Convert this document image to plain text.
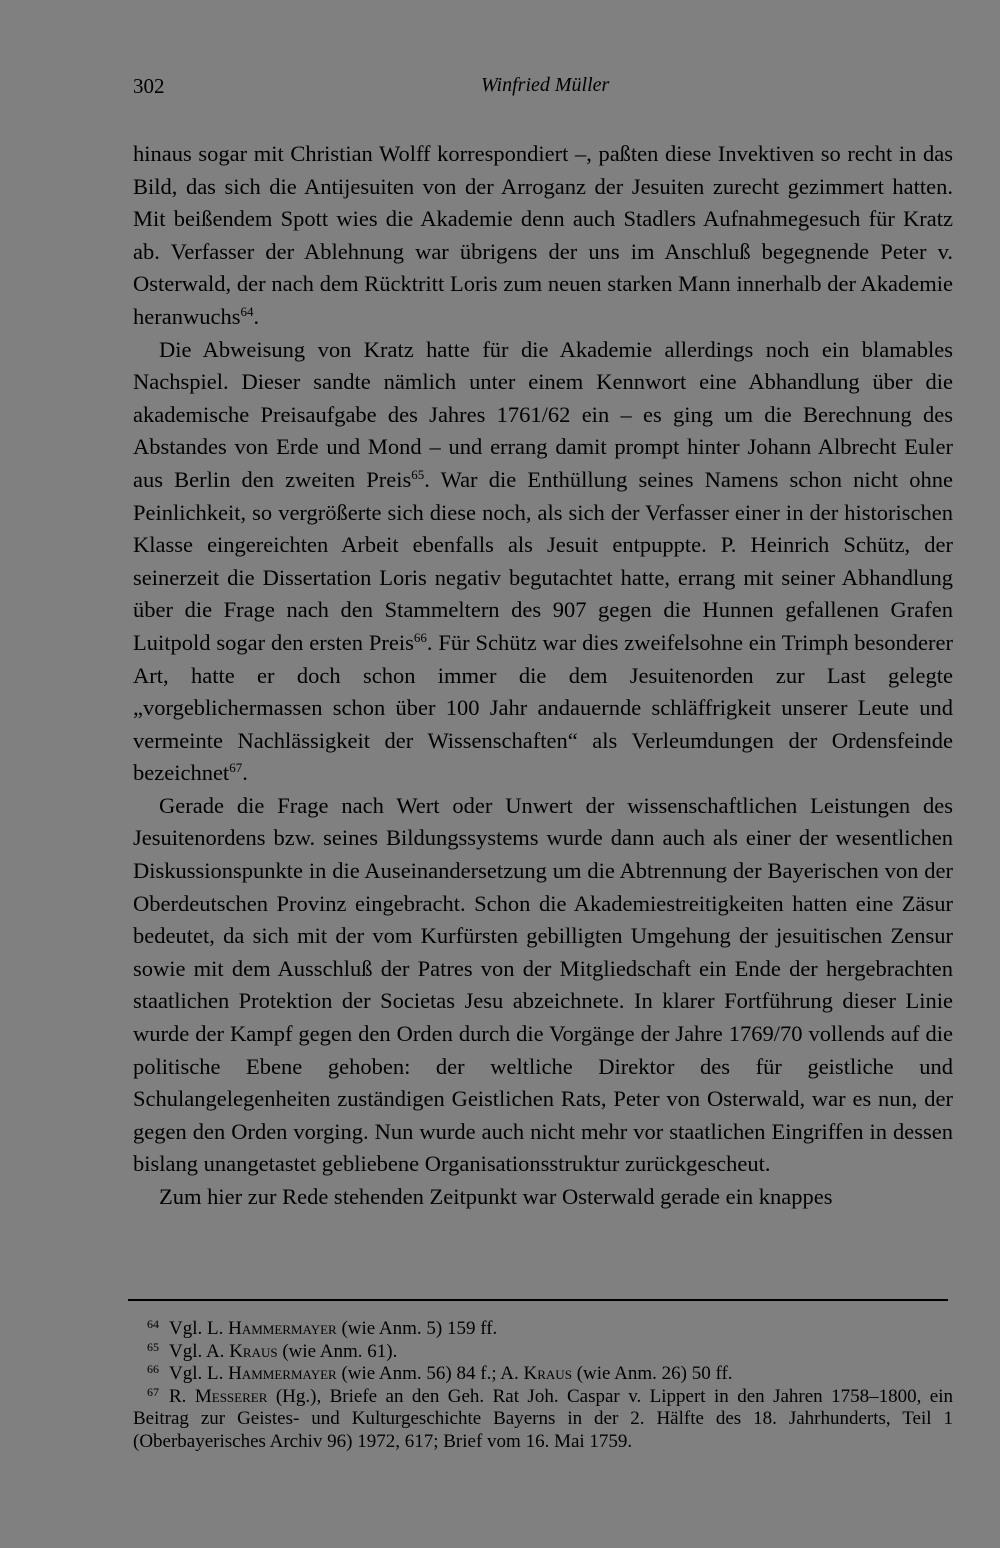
302	Winfried Müller

hinaus sogar mit Christian Wolff korrespondiert –, paßten diese Invektiven so recht in das Bild, das sich die Antijesuiten von der Arroganz der Jesuiten zurecht gezimmert hatten. Mit beißendem Spott wies die Akademie denn auch Stadlers Aufnahmegesuch für Kratz ab. Verfasser der Ablehnung war übrigens der uns im Anschluß begegnende Peter v. Osterwald, der nach dem Rücktritt Loris zum neuen starken Mann innerhalb der Akademie heranwuchs$^{64}$.

Die Abweisung von Kratz hatte für die Akademie allerdings noch ein blamables Nachspiel. Dieser sandte nämlich unter einem Kennwort eine Abhandlung über die akademische Preisaufgabe des Jahres 1761/62 ein – es ging um die Berechnung des Abstandes von Erde und Mond – und errang damit prompt hinter Johann Albrecht Euler aus Berlin den zweiten Preis$^{65}$. War die Enthüllung seines Namens schon nicht ohne Peinlichkeit, so vergrößerte sich diese noch, als sich der Verfasser einer in der historischen Klasse eingereichten Arbeit ebenfalls als Jesuit entpuppte. P. Heinrich Schütz, der seinerzeit die Dissertation Loris negativ begutachtet hatte, errang mit seiner Abhandlung über die Frage nach den Stammeltern des 907 gegen die Hunnen gefallenen Grafen Luitpold sogar den ersten Preis$^{66}$. Für Schütz war dies zweifelsohne ein Trimph besonderer Art, hatte er doch schon immer die dem Jesuitenorden zur Last gelegte „vorgeblichermassen schon über 100 Jahr andauernde schläffrigkeit unserer Leute und vermeinte Nachlässigkeit der Wissenschaften“ als Verleumdungen der Ordensfeinde bezeichnet$^{67}$.

Gerade die Frage nach Wert oder Unwert der wissenschaftlichen Leistungen des Jesuitenordens bzw. seines Bildungssystems wurde dann auch als einer der wesentlichen Diskussionspunkte in die Auseinandersetzung um die Abtrennung der Bayerischen von der Oberdeutschen Provinz eingebracht. Schon die Akademiestreitigkeiten hatten eine Zäsur bedeutet, da sich mit der vom Kurfürsten gebilligten Umgehung der jesuitischen Zensur sowie mit dem Ausschluß der Patres von der Mitgliedschaft ein Ende der hergebrachten staatlichen Protektion der Societas Jesu abzeichnete. In klarer Fortführung dieser Linie wurde der Kampf gegen den Orden durch die Vorgänge der Jahre 1769/70 vollends auf die politische Ebene gehoben: der weltliche Direktor des für geistliche und Schulangelegenheiten zuständigen Geistlichen Rats, Peter von Osterwald, war es nun, der gegen den Orden vorging. Nun wurde auch nicht mehr vor staatlichen Eingriffen in dessen bislang unangetastet gebliebene Organisationsstruktur zurückgescheut.

Zum hier zur Rede stehenden Zeitpunkt war Osterwald gerade ein knappes

$^{64}$ Vgl. L. Hammermayer (wie Anm. 5) 159 ff.

$^{65}$ Vgl. A. Kraus (wie Anm. 61).

$^{66}$ Vgl. L. Hammermayer (wie Anm. 56) 84 f.; A. Kraus (wie Anm. 26) 50 ff.

$^{67}$ R. Messerer (Hg.), Briefe an den Geh. Rat Joh. Caspar v. Lippert in den Jahren 1758–1800, ein Beitrag zur Geistes- und Kulturgeschichte Bayerns in der 2. Hälfte des 18. Jahrhunderts, Teil 1 (Oberbayerisches Archiv 96) 1972, 617; Brief vom 16. Mai 1759.
